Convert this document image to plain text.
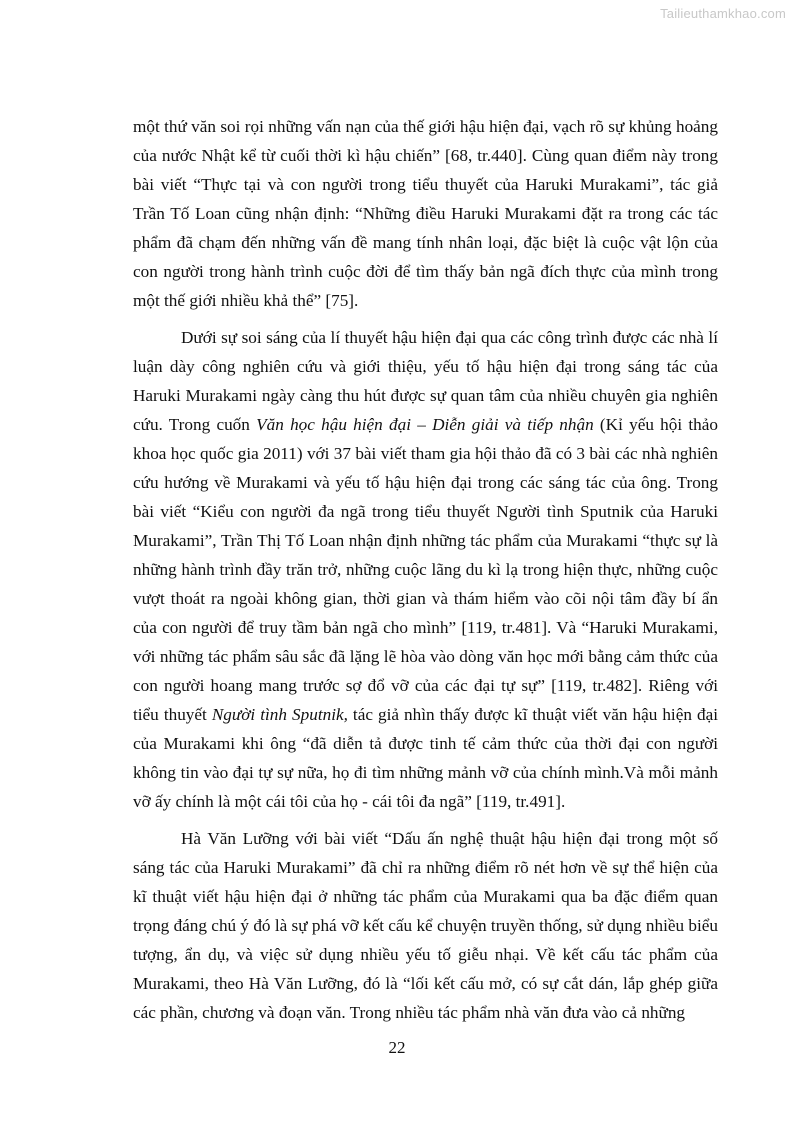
Tailieuthamkhao.com

một thứ văn soi rọi những vấn nạn của thế giới hậu hiện đại, vạch rõ sự khủng hoảng của nước Nhật kể từ cuối thời kì hậu chiến” [68, tr.440]. Cùng quan điểm này trong bài viết “Thực tại và con người trong tiểu thuyết của Haruki Murakami”, tác giả Trần Tố Loan cũng nhận định: “Những điều Haruki Murakami đặt ra trong các tác phẩm đã chạm đến những vấn đề mang tính nhân loại, đặc biệt là cuộc vật lộn của con người trong hành trình cuộc đời để tìm thấy bản ngã đích thực của mình trong một thế giới nhiều khả thể” [75].

Dưới sự soi sáng của lí thuyết hậu hiện đại qua các công trình được các nhà lí luận dày công nghiên cứu và giới thiệu, yếu tố hậu hiện đại trong sáng tác của Haruki Murakami ngày càng thu hút được sự quan tâm của nhiều chuyên gia nghiên cứu. Trong cuốn Văn học hậu hiện đại – Diễn giải và tiếp nhận (Kỉ yếu hội thảo khoa học quốc gia 2011) với 37 bài viết tham gia hội thảo đã có 3 bài các nhà nghiên cứu hướng về Murakami và yếu tố hậu hiện đại trong các sáng tác của ông. Trong bài viết “Kiểu con người đa ngã trong tiểu thuyết Người tình Sputnik của Haruki Murakami”, Trần Thị Tố Loan nhận định những tác phẩm của Murakami “thực sự là những hành trình đầy trăn trở, những cuộc lãng du kì lạ trong hiện thực, những cuộc vượt thoát ra ngoài không gian, thời gian và thám hiểm vào cõi nội tâm đầy bí ẩn của con người để truy tầm bản ngã cho mình” [119, tr.481]. Và “Haruki Murakami, với những tác phẩm sâu sắc đã lặng lẽ hòa vào dòng văn học mới bằng cảm thức của con người hoang mang trước sợ đổ vỡ của các đại tự sự” [119, tr.482]. Riêng với tiểu thuyết Người tình Sputnik, tác giả nhìn thấy được kĩ thuật viết văn hậu hiện đại của Murakami khi ông “đã diễn tả được tinh tế cảm thức của thời đại con người không tin vào đại tự sự nữa, họ đi tìm những mảnh vỡ của chính mình.Và mỗi mảnh vỡ ấy chính là một cái tôi của họ - cái tôi đa ngã” [119, tr.491].

Hà Văn Lưỡng với bài viết “Dấu ấn nghệ thuật hậu hiện đại trong một số sáng tác của Haruki Murakami” đã chỉ ra những điểm rõ nét hơn về sự thể hiện của kĩ thuật viết hậu hiện đại ở những tác phẩm của Murakami qua ba đặc điểm quan trọng đáng chú ý đó là sự phá vỡ kết cấu kể chuyện truyền thống, sử dụng nhiều biểu tượng, ẩn dụ, và việc sử dụng nhiều yếu tố giễu nhại. Về kết cấu tác phẩm của Murakami, theo Hà Văn Lưỡng, đó là “lối kết cấu mở, có sự cắt dán, lắp ghép giữa các phần, chương và đoạn văn. Trong nhiều tác phẩm nhà văn đưa vào cả những

22
